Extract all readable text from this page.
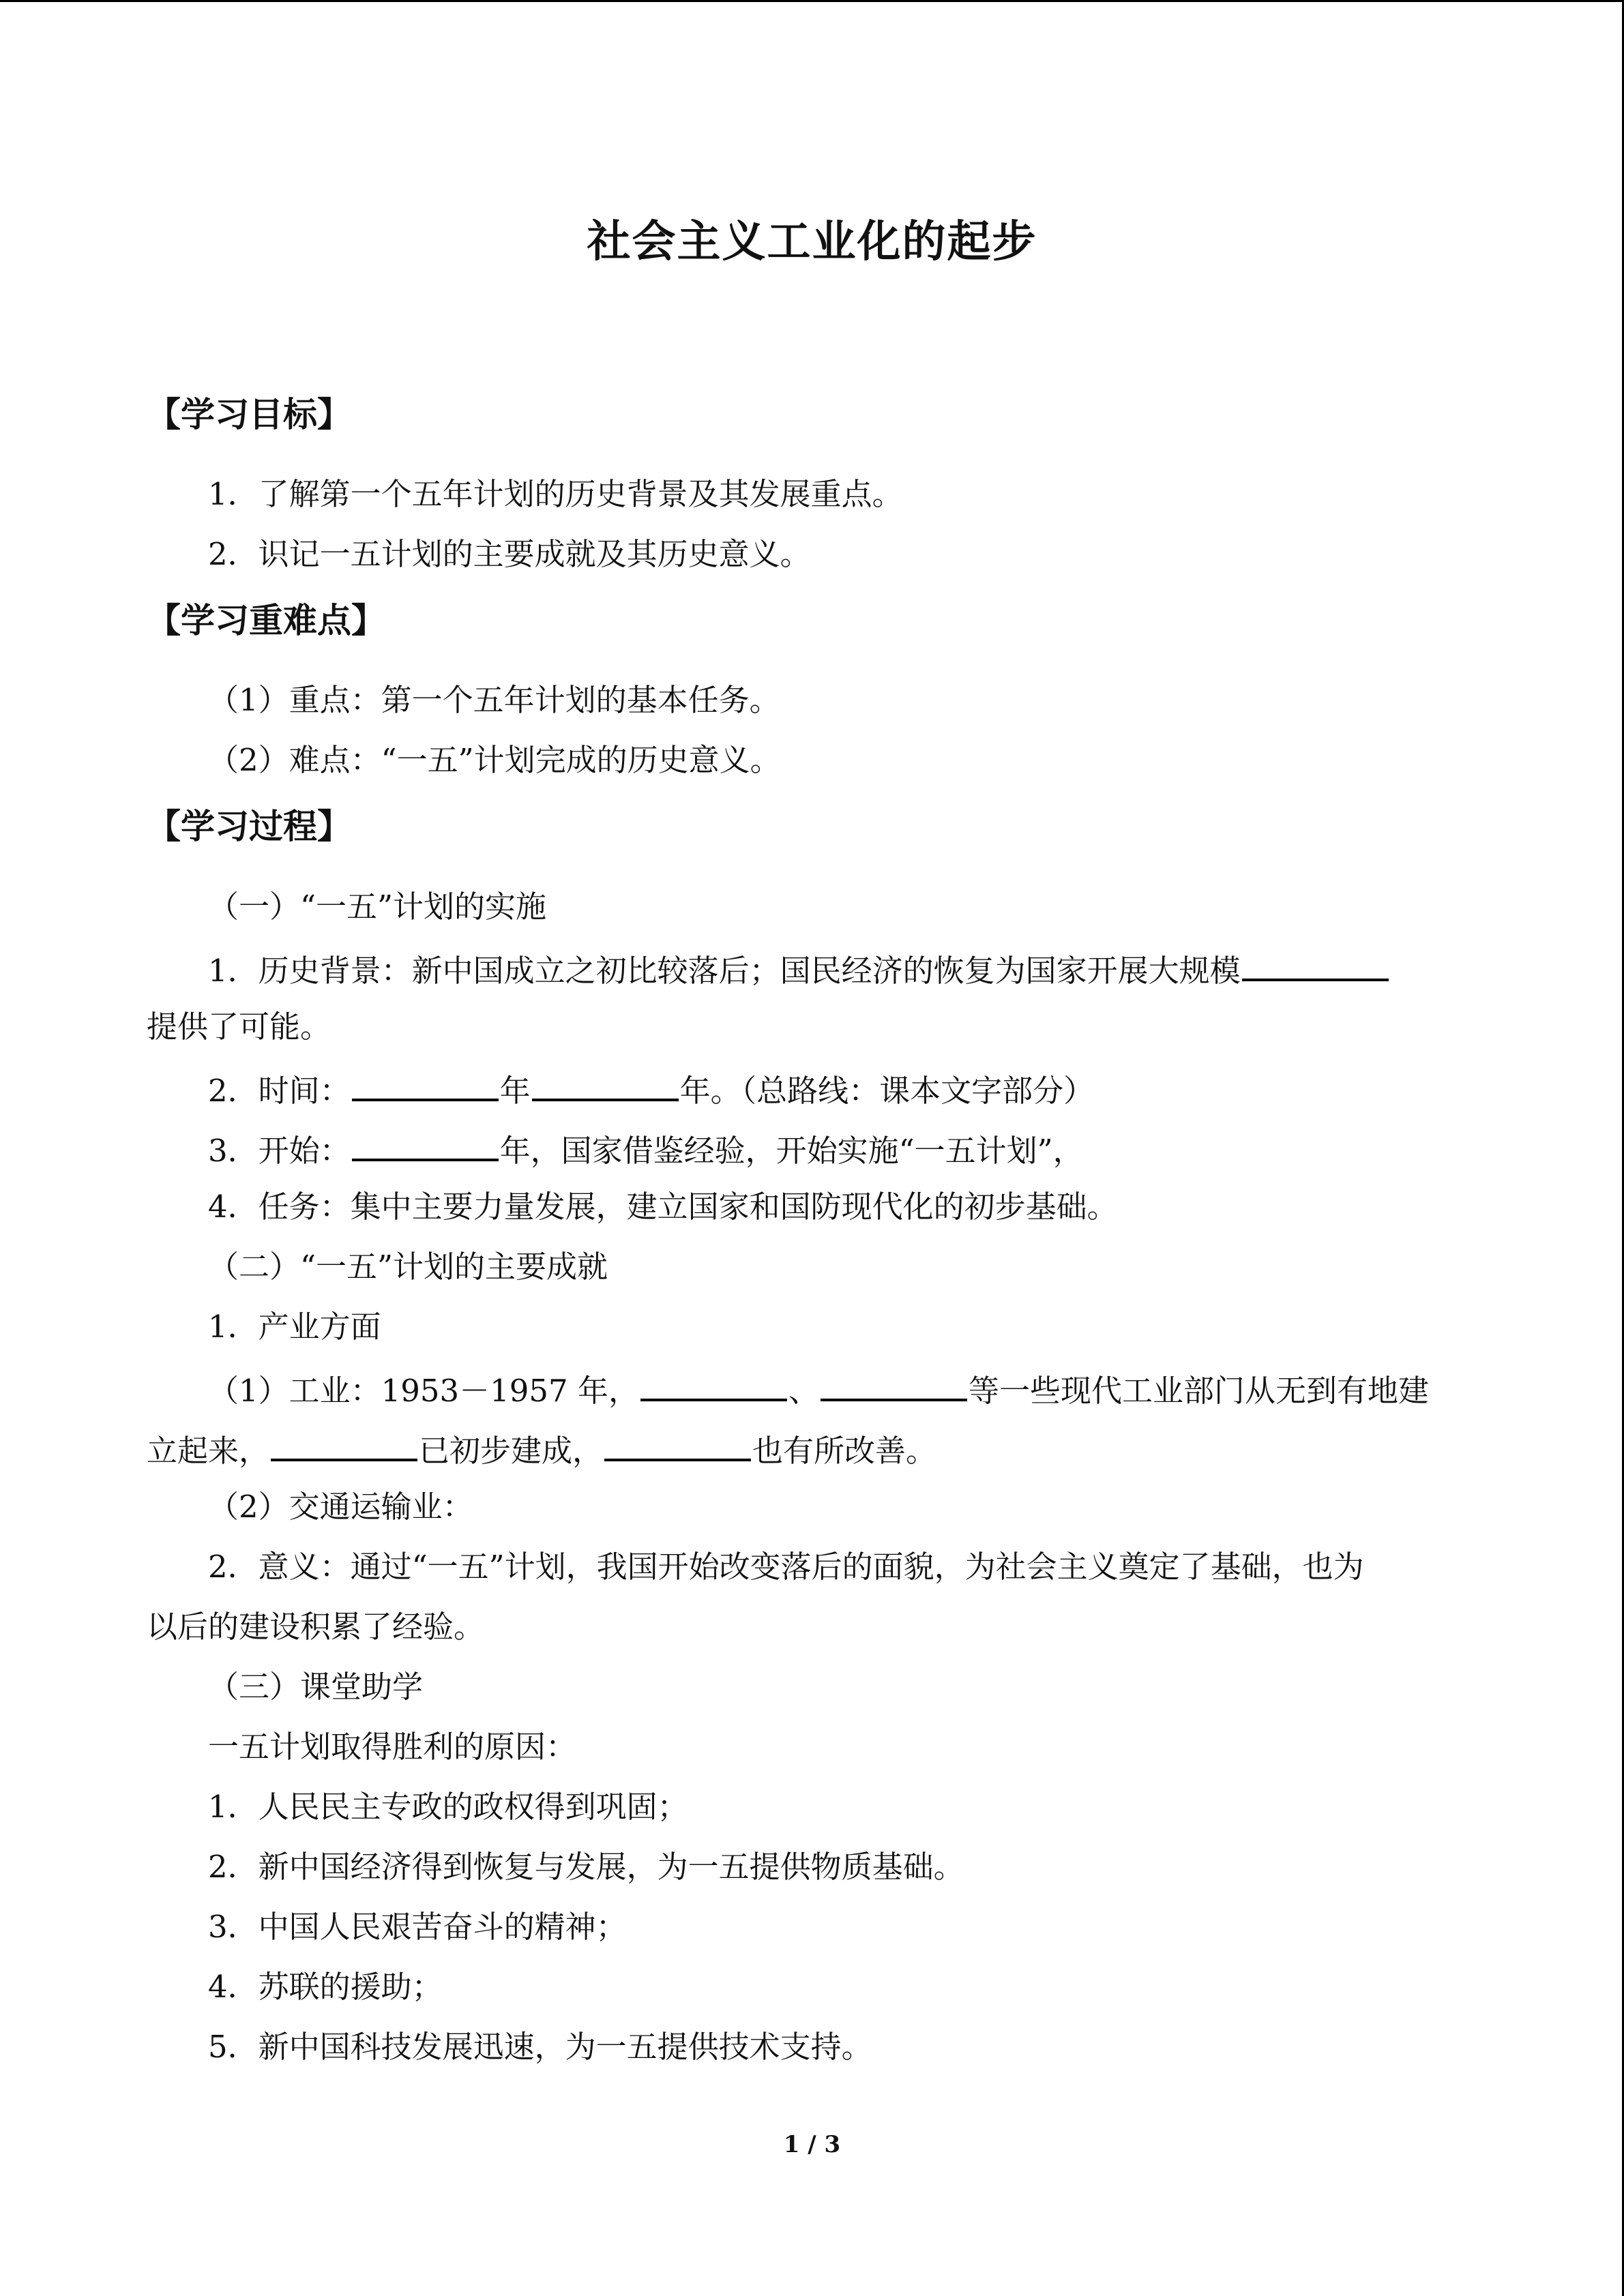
社会主义工业化的起步
【学习目标】
1．了解第一个五年计划的历史背景及其发展重点。
2．识记一五计划的主要成就及其历史意义。
【学习重难点】
（1）重点：第一个五年计划的基本任务。
（2）难点：“一五”计划完成的历史意义。
【学习过程】
（一）“一五”计划的实施
1．历史背景：新中国成立之初比较落后；国民经济的恢复为国家开展大规模
提供了可能。
2．时间：	年	年。（总路线：课本文字部分）
3．开始：	年，国家借鉴经验，开始实施“一五计划”，
4．任务：集中主要力量发展，建立国家和国防现代化的初步基础。
（二）“一五”计划的主要成就
1．产业方面
（1）工业：1953－1957 年，	、	等一些现代工业部门从无到有地建
立起来，	已初步建成，	也有所改善。
（2）交通运输业：
2．意义：通过“一五”计划，我国开始改变落后的面貌，为社会主义奠定了基础，也为
以后的建设积累了经验。
（三）课堂助学
一五计划取得胜利的原因：
1．人民民主专政的政权得到巩固；
2．新中国经济得到恢复与发展，为一五提供物质基础。
3．中国人民艰苦奋斗的精神；
4．苏联的援助；
5．新中国科技发展迅速，为一五提供技术支持。
1 / 3
